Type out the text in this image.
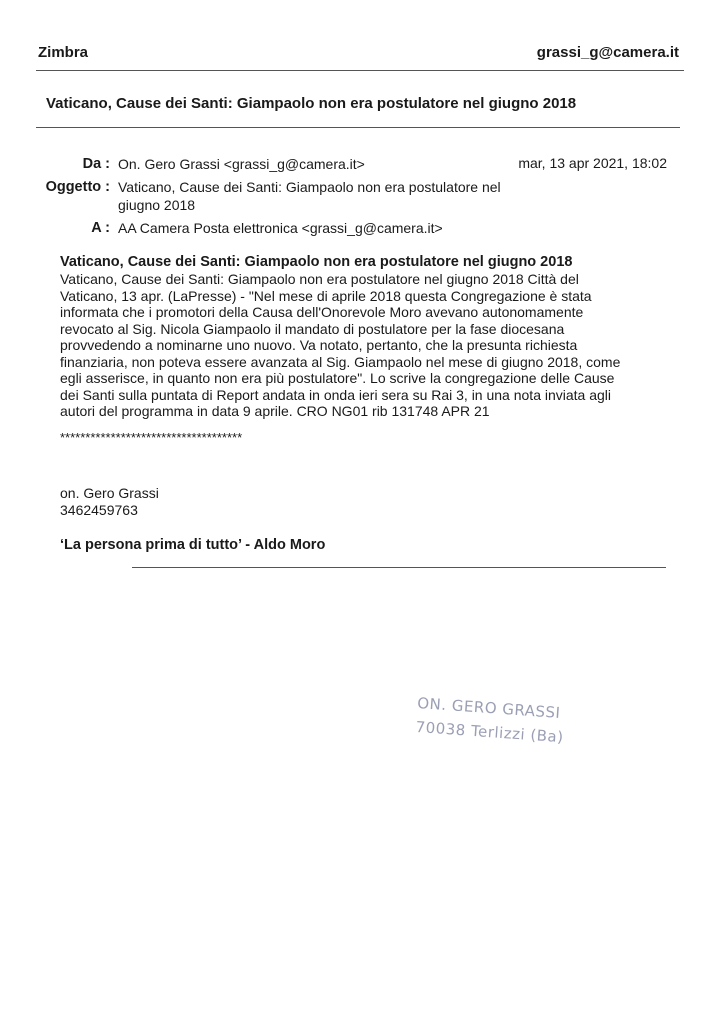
Zimbra	grassi_g@camera.it
Vaticano, Cause dei Santi: Giampaolo non era postulatore nel giugno 2018
Da : On. Gero Grassi <grassi_g@camera.it>	mar, 13 apr 2021, 18:02
Oggetto : Vaticano, Cause dei Santi: Giampaolo non era postulatore nel giugno 2018
A : AA Camera Posta elettronica <grassi_g@camera.it>
Vaticano, Cause dei Santi: Giampaolo non era postulatore nel giugno 2018
Vaticano, Cause dei Santi: Giampaolo non era postulatore nel giugno 2018 Città del
Vaticano, 13 apr. (LaPresse) - "Nel mese di aprile 2018 questa Congregazione è stata
informata che i promotori della Causa dell'Onorevole Moro avevano autonomamente
revocato al Sig. Nicola Giampaolo il mandato di postulatore per la fase diocesana
provvedendo a nominarne uno nuovo. Va notato, pertanto, che la presunta richiesta
finanziaria, non poteva essere avanzata al Sig. Giampaolo nel mese di giugno 2018, come
egli asserisce, in quanto non era più postulatore". Lo scrive la congregazione delle Cause
dei Santi sulla puntata di Report andata in onda ieri sera su Rai 3, in una nota inviata agli
autori del programma in data 9 aprile. CRO NG01 rib 131748 APR 21
************************************
on. Gero Grassi
3462459763
‘La persona prima di tutto’ - Aldo Moro
ON. GERO GRASSI
70038 Terlizzi (Ba)
